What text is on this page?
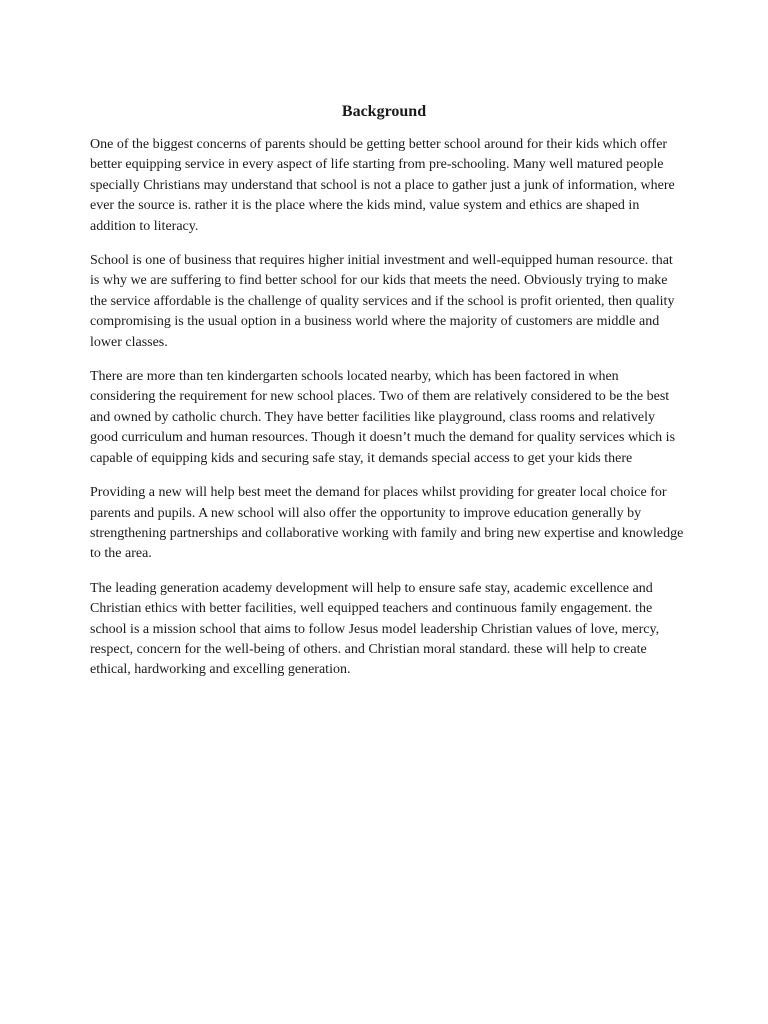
Background

One of the biggest concerns of parents should be getting better school around for their kids which offer better equipping service in every aspect of life starting from pre-schooling. Many well matured people specially Christians may understand that school is not a place to gather just a junk of information, where ever the source is. rather it is the place where the kids mind, value system and ethics are shaped in addition to literacy.

School is one of business that requires higher initial investment and well-equipped human resource. that is why we are suffering to find better school for our kids that meets the need. Obviously trying to make the service affordable is the challenge of quality services and if the school is profit oriented, then quality compromising is the usual option in a business world where the majority of customers are middle and lower classes.

There are more than ten kindergarten schools located nearby, which has been factored in when considering the requirement for new school places. Two of them are relatively considered to be the best and owned by catholic church. They have better facilities like playground, class rooms and relatively good curriculum and human resources. Though it doesn’t much the demand for quality services which is capable of equipping kids and securing safe stay, it demands special access to get your kids there

Providing a new will help best meet the demand for places whilst providing for greater local choice for parents and pupils. A new school will also offer the opportunity to improve education generally by strengthening partnerships and collaborative working with family and bring new expertise and knowledge to the area.

The leading generation academy development will help to ensure safe stay, academic excellence and Christian ethics with better facilities, well equipped teachers and continuous family engagement. the school is a mission school that aims to follow Jesus model leadership Christian values of love, mercy, respect, concern for the well-being of others. and Christian moral standard. these will help to create ethical, hardworking and excelling generation.
